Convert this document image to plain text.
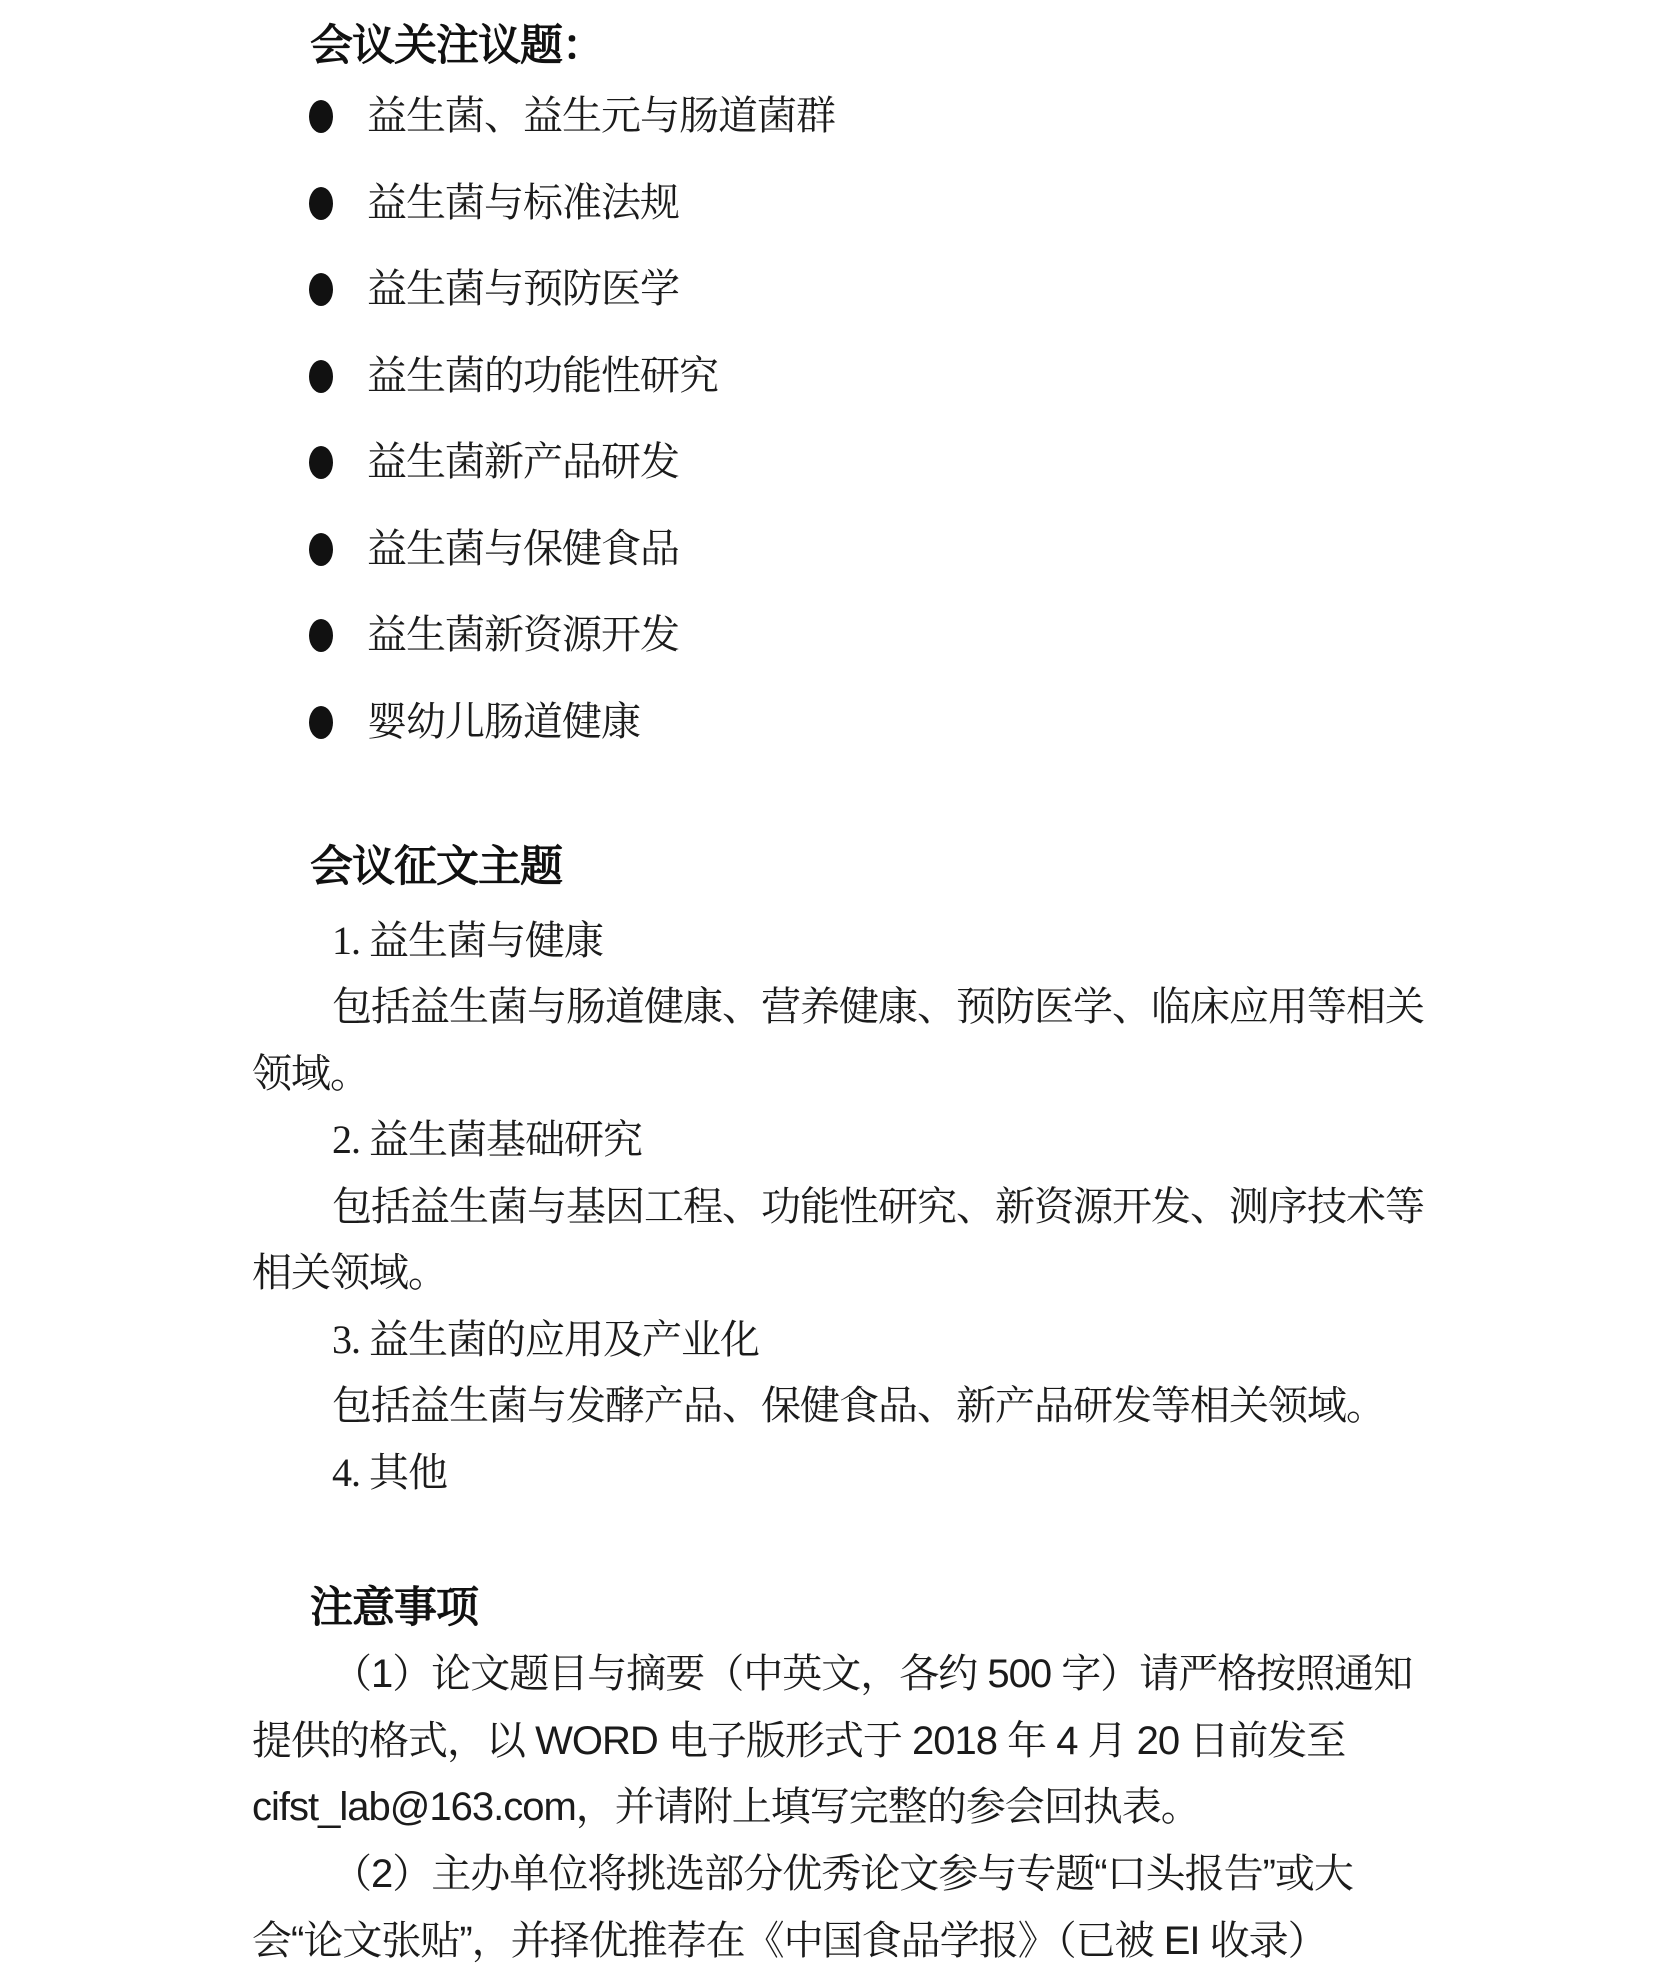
会议关注议题：
益生菌、益生元与肠道菌群
益生菌与标准法规
益生菌与预防医学
益生菌的功能性研究
益生菌新产品研发
益生菌与保健食品
益生菌新资源开发
婴幼儿肠道健康
会议征文主题
1. 益生菌与健康
包括益生菌与肠道健康、营养健康、预防医学、临床应用等相关
领域。
2. 益生菌基础研究
包括益生菌与基因工程、功能性研究、新资源开发、测序技术等
相关领域。
3. 益生菌的应用及产业化
包括益生菌与发酵产品、保健食品、新产品研发等相关领域。
4. 其他
注意事项
（1）论文题目与摘要（中英文，各约 500 字）请严格按照通知
提供的格式，以 WORD 电子版形式于 2018 年 4 月 20 日前发至
cifst_lab@163.com，并请附上填写完整的参会回执表。
（2）主办单位将挑选部分优秀论文参与专题“口头报告”或大
会“论文张贴”，并择优推荐在《中国食品学报》（已被 EI 收录）
